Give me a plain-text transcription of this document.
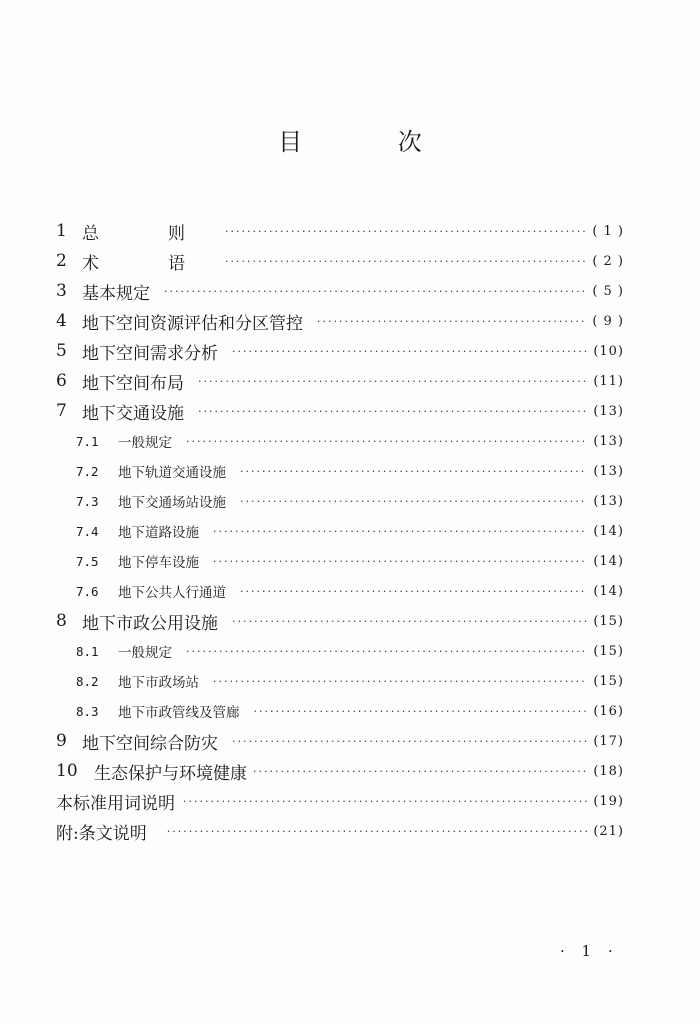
目 次
1 总　则 ·····	( 1 )
2 术　语 ·····	( 2 )
3 基本规定 ·····	( 5 )
4 地下空间资源评估和分区管控 ·····	( 9 )
5 地下空间需求分析 ·····	(10)
6 地下空间布局 ·····	(11)
7 地下交通设施 ·····	(13)
7.1	一般规定 ·····	(13)
7.2	地下轨道交通设施 ·····	(13)
7.3	地下交通场站设施 ·····	(13)
7.4	地下道路设施 ·····	(14)
7.5	地下停车设施 ·····	(14)
7.6	地下公共人行通道 ·····	(14)
8 地下市政公用设施 ·····	(15)
8.1	一般规定 ·····	(15)
8.2	地下市政场站 ·····	(15)
8.3	地下市政管线及管廊 ·····	(16)
9 地下空间综合防灾 ·····	(17)
10 生态保护与环境健康 ·····	(18)
本标准用词说明 ·····	(19)
附:条文说明 ·····	(21)
· 1 ·
